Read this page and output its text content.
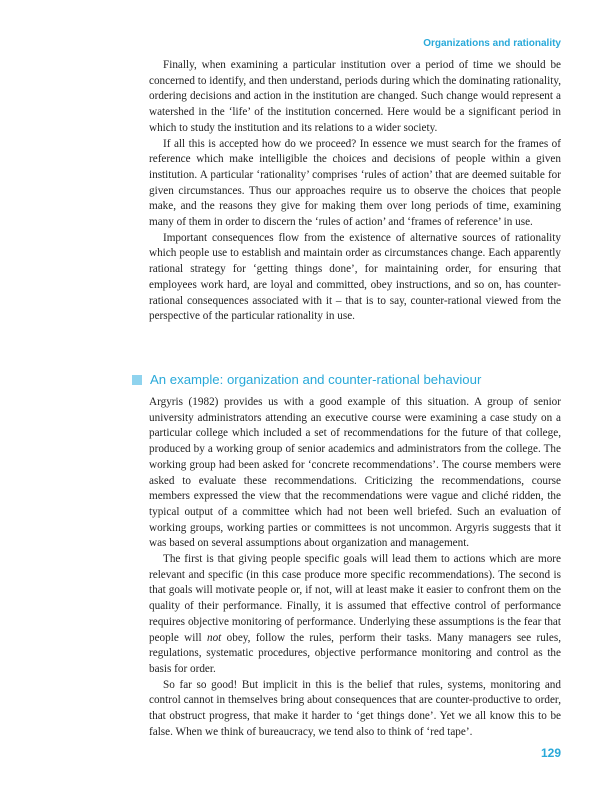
Organizations and rationality

Finally, when examining a particular institution over a period of time we should be concerned to identify, and then understand, periods during which the dominating rationality, ordering decisions and action in the institution are changed. Such change would represent a watershed in the ‘life’ of the institution concerned. Here would be a significant period in which to study the institution and its relations to a wider society.

If all this is accepted how do we proceed? In essence we must search for the frames of reference which make intelligible the choices and decisions of people within a given institution. A particular ‘rationality’ comprises ‘rules of action’ that are deemed suitable for given circumstances. Thus our approaches require us to observe the choices that people make, and the reasons they give for making them over long periods of time, examining many of them in order to discern the ‘rules of action’ and ‘frames of reference’ in use.

Important consequences flow from the existence of alternative sources of rationality which people use to establish and maintain order as circumstances change. Each apparently rational strategy for ‘getting things done’, for maintaining order, for ensuring that employees work hard, are loyal and committed, obey instructions, and so on, has counter-rational consequences associated with it – that is to say, counter-rational viewed from the perspective of the particular rationality in use.

An example: organization and counter-rational behaviour

Argyris (1982) provides us with a good example of this situation. A group of senior university administrators attending an executive course were examining a case study on a particular college which included a set of recommendations for the future of that college, produced by a working group of senior academics and administrators from the college. The working group had been asked for ‘concrete recommendations’. The course members were asked to evaluate these recommendations. Criticizing the recommendations, course members expressed the view that the recommendations were vague and cliché ridden, the typical output of a committee which had not been well briefed. Such an evaluation of working groups, working parties or committees is not uncommon. Argyris suggests that it was based on several assumptions about organization and management.

The first is that giving people specific goals will lead them to actions which are more relevant and specific (in this case produce more specific recommendations). The second is that goals will motivate people or, if not, will at least make it easier to confront them on the quality of their performance. Finally, it is assumed that effective control of performance requires objective monitoring of performance. Underlying these assumptions is the fear that people will not obey, follow the rules, perform their tasks. Many managers see rules, regulations, systematic procedures, objective performance monitoring and control as the basis for order.

So far so good! But implicit in this is the belief that rules, systems, monitoring and control cannot in themselves bring about consequences that are counter-productive to order, that obstruct progress, that make it harder to ‘get things done’. Yet we all know this to be false. When we think of bureaucracy, we tend also to think of ‘red tape’.

129
